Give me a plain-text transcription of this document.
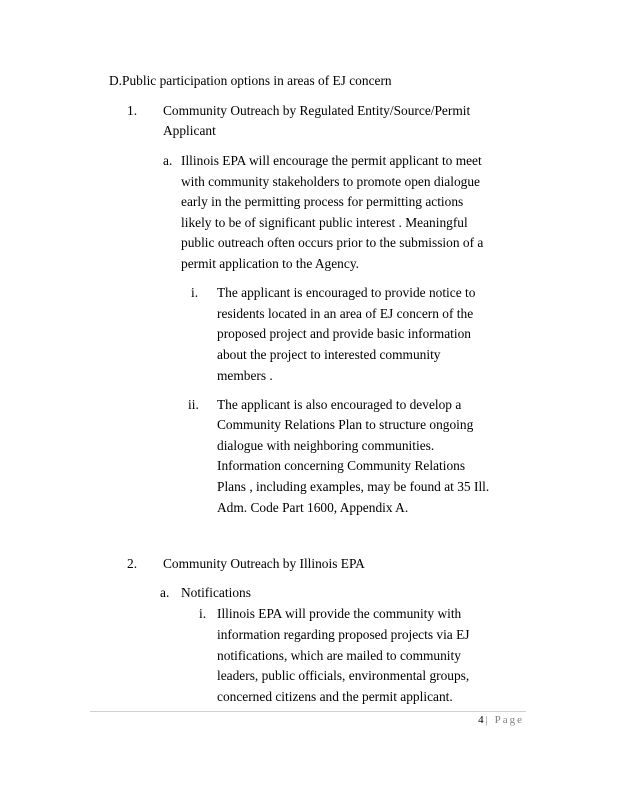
D.Public participation options in areas of EJ concern
1. Community Outreach by Regulated Entity/Source/Permit
Applicant
a. Illinois EPA will encourage the permit applicant to meet
with community stakeholders to promote open dialogue
early in the permitting process for permitting actions
likely to be of significant public interest . Meaningful
public outreach often occurs prior to the submission of a
permit application to the Agency.
i. The applicant is encouraged to provide notice to
residents located in an area of EJ concern of the
proposed project and provide basic information
about the project to interested community
members .
ii. The applicant is also encouraged to develop a
Community Relations Plan to structure ongoing
dialogue with neighboring communities.
Information concerning Community Relations
Plans , including examples, may be found at 35 Ill.
Adm. Code Part 1600, Appendix A.
2. Community Outreach by Illinois EPA
a. Notifications
i. Illinois EPA will provide the community with
information regarding proposed projects via EJ
notifications, which are mailed to community
leaders, public officials, environmental groups,
concerned citizens and the permit applicant.
4 | Page
